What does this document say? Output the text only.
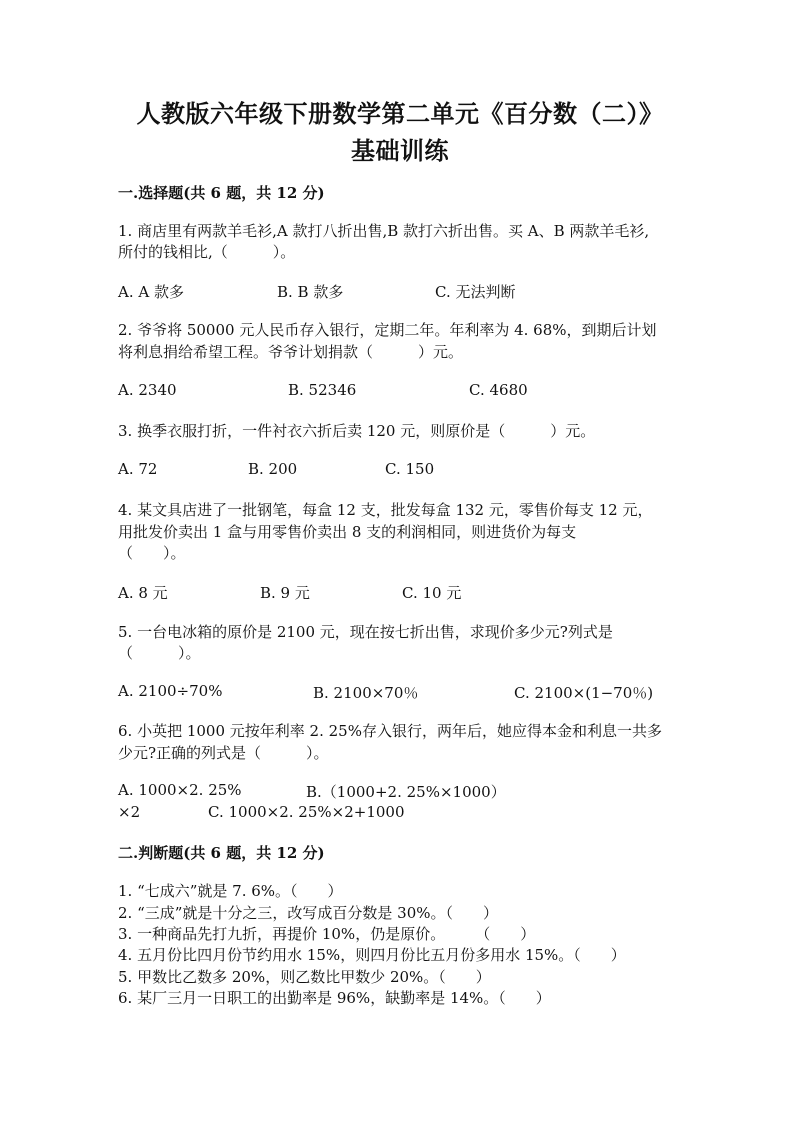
人教版六年级下册数学第二单元《百分数（二）》
基础训练
一.选择题(共 6 题，共 12 分)
1. 商店里有两款羊毛衫,A 款打八折出售,B 款打六折出售。买 A、B 两款羊毛衫,
所付的钱相比,（　　　）。
A. A 款多	B. B 款多	C. 无法判断
2. 爷爷将 50000 元人民币存入银行，定期二年。年利率为 4. 68%，到期后计划
将利息捐给希望工程。爷爷计划捐款（　　　）元。
A. 2340	B. 52346	C. 4680
3. 换季衣服打折，一件衬衣六折后卖 120 元，则原价是（　　　）元。
A. 72	B. 200	C. 150
4. 某文具店进了一批钢笔，每盒 12 支，批发每盒 132 元，零售价每支 12 元，
用批发价卖出 1 盒与用零售价卖出 8 支的利润相同，则进货价为每支
（　　）。
A. 8 元	B. 9 元	C. 10 元
5. 一台电冰箱的原价是 2100 元，现在按七折出售，求现价多少元?列式是
（　　　）。
A. 2100÷70%	B. 2100×70％	C. 2100×(1−70％)
6. 小英把 1000 元按年利率 2. 25%存入银行，两年后，她应得本金和利息一共多
少元?正确的列式是（　　　）。
A. 1000×2. 25%	B.（1000+2. 25%×1000）
×2	C. 1000×2. 25%×2+1000
二.判断题(共 6 题，共 12 分)
1. “七成六”就是 7. 6%。（　　）
2. “三成”就是十分之三，改写成百分数是 30%。（　　）
3. 一种商品先打九折，再提价 10%，仍是原价。　　　（　　）
4. 五月份比四月份节约用水 15%，则四月份比五月份多用水 15%。（　　）
5. 甲数比乙数多 20%，则乙数比甲数少 20%。（　　）
6. 某厂三月一日职工的出勤率是 96%，缺勤率是 14%。（　　）
